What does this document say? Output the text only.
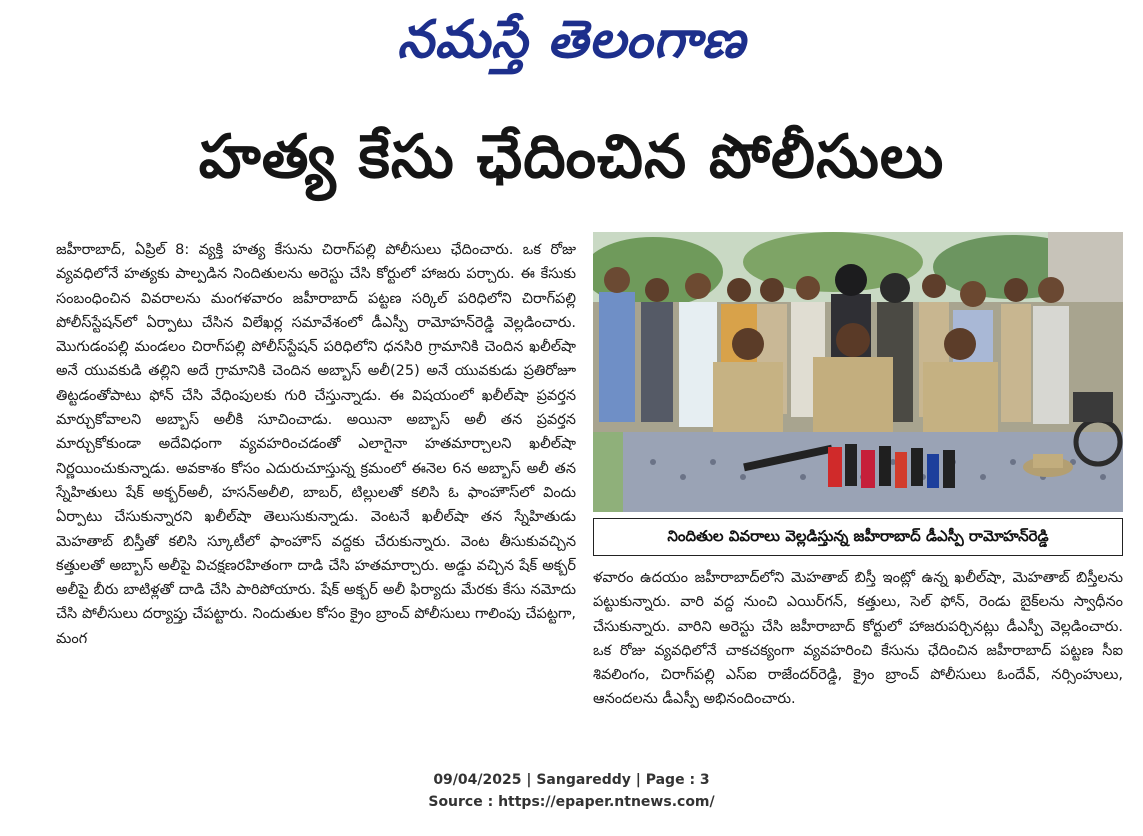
నమస్తే తెలంగాణ
హత్య కేసు ఛేదించిన పోలీసులు
జహీరాబాద్, ఏప్రిల్ 8: వ్యక్తి హత్య కేసును చిరాగ్‌పల్లి పోలీసులు ఛేదించారు. ఒక రోజు వ్యవధిలోనే హత్యకు పాల్పడిన నిందితులను అరెస్టు చేసి కోర్టులో హాజరు పర్చారు. ఈ కేసుకు సంబంధించిన వివరాలను మంగళవారం జహీరాబాద్ పట్టణ సర్కిల్ పరిధిలోని చిరాగ్‌పల్లి పోలీస్‌స్టేషన్‌లో ఏర్పాటు చేసిన విలేఖర్ల సమావేశంలో డీఎస్పీ రామోహన్‌రెడ్డి వెల్లడించారు. మొగుడంపల్లి మండలం చిరాగ్‌పల్లి పోలీస్‌స్టేషన్ పరిధిలోని ధనసిరి గ్రామానికి చెందిన ఖలీల్‌షా అనే యువకుడి తల్లిని అదే గ్రామానికి చెందిన అబ్బాస్ అలీ(25) అనే యువకుడు ప్రతిరోజూ తిట్టడంతోపాటు ఫోన్ చేసి వేధింపులకు గురి చేస్తున్నాడు. ఈ విషయంలో ఖలీల్‌షా ప్రవర్తన మార్చుకోవాలని అబ్బాస్ అలీకి సూచించాడు. అయినా అబ్బాస్ అలీ తన ప్రవర్తన మార్చుకోకుండా అదేవిధంగా వ్యవహరించడంతో ఎలాగైనా హతమార్చాలని ఖలీల్‌షా నిర్ణయించుకున్నాడు. అవకాశం కోసం ఎదురుచూస్తున్న క్రమంలో ఈనెల 6న అబ్బాస్ అలీ తన స్నేహితులు షేక్ అక్బర్‌అలీ, హసన్‌అలీలి, బాబర్, టిల్లులతో కలిసి ఓ ఫాంహౌస్‌లో విందు ఏర్పాటు చేసుకున్నారని ఖలీల్‌షా తెలుసుకున్నాడు. వెంటనే ఖలీల్‌షా తన స్నేహితుడు మెహతాబ్ బిస్తీతో కలిసి స్కూటీలో ఫాంహౌస్ వద్దకు చేరుకున్నారు. వెంట తీసుకువచ్చిన కత్తులతో అబ్బాస్ అలీపై విచక్షణరహితంగా దాడి చేసి హతమార్చారు. అడ్డు వచ్చిన షేక్ అక్బర్ అలీపై బీరు బాటిళ్లతో దాడి చేసి పారిపోయారు. షేక్ అక్బర్ అలీ ఫిర్యాదు మేరకు కేసు నమోదు చేసి పోలీసులు దర్యాప్తు చేపట్టారు. నిందుతుల కోసం క్రైం బ్రాంచ్ పోలీసులు గాలింపు చేపట్టగా, మంగ
నిందితుల వివరాలు వెల్లడిస్తున్న జహీరాబాద్ డీఎస్పీ రామోహన్‌రెడ్డి
ళవారం ఉదయం జహీరాబాద్‌లోని మెహతాబ్ బిస్తీ ఇంట్లో ఉన్న ఖలీల్‌షా, మెహతాబ్ బిస్తీలను పట్టుకున్నారు. వారి వద్ద నుంచి ఎయిర్‌గన్, కత్తులు, సెల్ ఫోన్, రెండు బైక్‌లను స్వాధీనం చేసుకున్నారు. వారిని అరెస్టు చేసి జహీరాబాద్ కోర్టులో హాజరుపర్చినట్లు డీఎస్పీ వెల్లడించారు. ఒక రోజు వ్యవధిలోనే చాకచక్యంగా వ్యవహరించి కేసును ఛేదించిన జహీరాబాద్ పట్టణ సీఐ శివలింగం, చిరాగ్‌పల్లి ఎస్ఐ రాజేందర్‌రెడ్డి, క్రైం బ్రాంచ్ పోలీసులు ఓందేవ్, నర్సింహులు, ఆనందలను డీఎస్పీ అభినందించారు.
09/04/2025 | Sangareddy | Page : 3
Source : https://epaper.ntnews.com/
